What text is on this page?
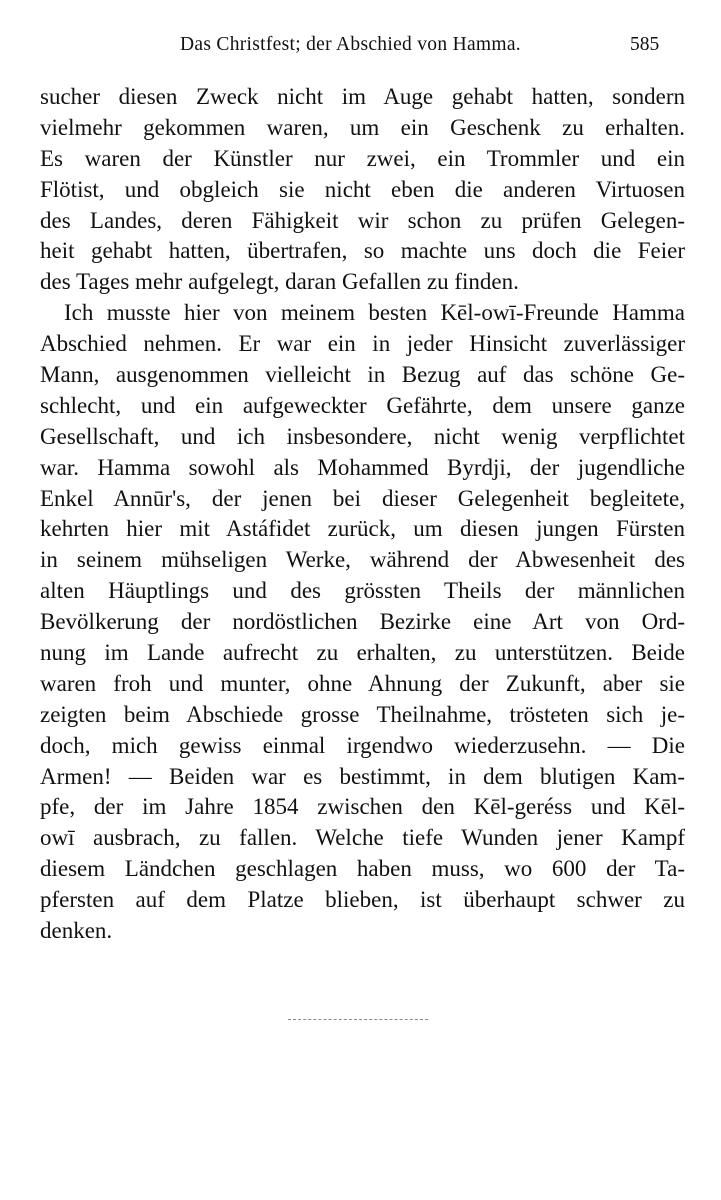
Das Christfest; der Abschied von Hamma.	585
sucher diesen Zweck nicht im Auge gehabt hatten, sondern
vielmehr gekommen waren, um ein Geschenk zu erhalten.
Es waren der Künstler nur zwei, ein Trommler und ein
Flötist, und obgleich sie nicht eben die anderen Virtuosen
des Landes, deren Fähigkeit wir schon zu prüfen Gelegen-
heit gehabt hatten, übertrafen, so machte uns doch die Feier
des Tages mehr aufgelegt, daran Gefallen zu finden.
Ich musste hier von meinem besten Kēl-owī-Freunde Hamma
Abschied nehmen. Er war ein in jeder Hinsicht zuverlässiger
Mann, ausgenommen vielleicht in Bezug auf das schöne Ge-
schlecht, und ein aufgeweckter Gefährte, dem unsere ganze
Gesellschaft, und ich insbesondere, nicht wenig verpflichtet
war. Hamma sowohl als Mohammed Byrdji, der jugendliche
Enkel Annūr's, der jenen bei dieser Gelegenheit begleitete,
kehrten hier mit Astáfidet zurück, um diesen jungen Fürsten
in seinem mühseligen Werke, während der Abwesenheit des
alten Häuptlings und des grössten Theils der männlichen
Bevölkerung der nordöstlichen Bezirke eine Art von Ord-
nung im Lande aufrecht zu erhalten, zu unterstützen. Beide
waren froh und munter, ohne Ahnung der Zukunft, aber sie
zeigten beim Abschiede grosse Theilnahme, trösteten sich je-
doch, mich gewiss einmal irgendwo wiederzusehn. — Die
Armen! — Beiden war es bestimmt, in dem blutigen Kam-
pfe, der im Jahre 1854 zwischen den Kēl-geréss und Kēl-
owī ausbrach, zu fallen. Welche tiefe Wunden jener Kampf
diesem Ländchen geschlagen haben muss, wo 600 der Ta-
pfersten auf dem Platze blieben, ist überhaupt schwer zu
denken.
